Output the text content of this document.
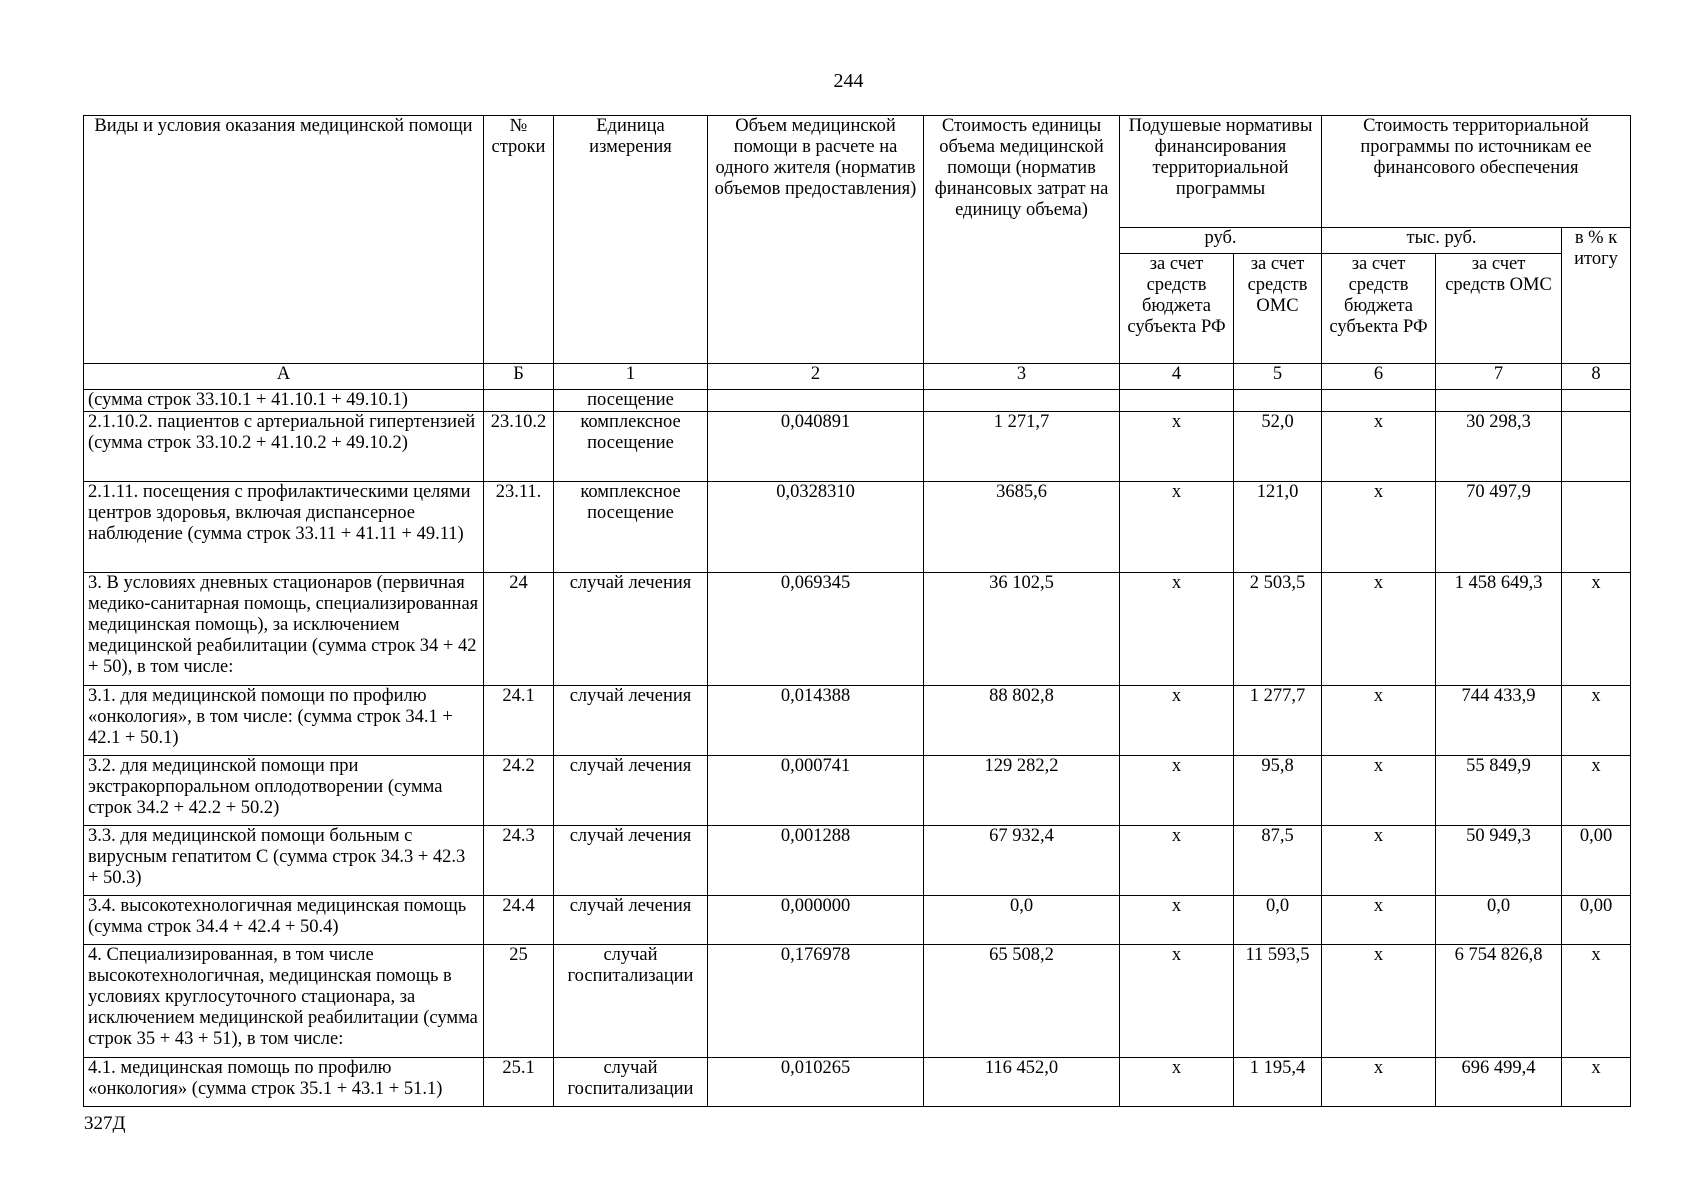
244
Виды и условия оказания медицинской помощи	№ строки	Единица измерения	Объем медицинской помощи в расчете на одного жителя (норматив объемов предоставления)	Стоимость единицы объема медицинской помощи (норматив финансовых затрат на единицу объема)	Подушевые нормативы финансирования территориальной программы		Стоимость территориальной программы по источникам ее финансового обеспечения		
					руб.		тыс. руб.		в % к итогу
					за счет средств бюджета субъекта РФ	за счет средств ОМС	за счет средств бюджета субъекта РФ	за счет средств ОМС	
А	Б	1	2	3	4	5	6	7	8
(сумма строк 33.10.1 + 41.10.1 + 49.10.1)		посещение							
2.1.10.2. пациентов с артериальной гипертензией (сумма строк 33.10.2 + 41.10.2 + 49.10.2)	23.10.2	комплексное посещение	0,040891	1 271,7	х	52,0	х	30 298,3	
2.1.11. посещения с профилактическими целями центров здоровья, включая диспансерное наблюдение (сумма строк 33.11 + 41.11 + 49.11)	23.11.	комплексное посещение	0,0328310	3685,6	х	121,0	х	70 497,9	
3. В условиях дневных стационаров (первичная медико-санитарная помощь, специализированная медицинская помощь), за исключением медицинской реабилитации (сумма строк 34 + 42 + 50), в том числе:	24	случай лечения	0,069345	36 102,5	х	2 503,5	х	1 458 649,3	х
3.1. для медицинской помощи по профилю «онкология», в том числе: (сумма строк 34.1 + 42.1 + 50.1)	24.1	случай лечения	0,014388	88 802,8	х	1 277,7	х	744 433,9	х
3.2. для медицинской помощи при экстракорпоральном оплодотворении (сумма строк 34.2 + 42.2 + 50.2)	24.2	случай лечения	0,000741	129 282,2	х	95,8	х	55 849,9	х
3.3. для медицинской помощи больным с вирусным гепатитом С (сумма строк 34.3 + 42.3 + 50.3)	24.3	случай лечения	0,001288	67 932,4	х	87,5	х	50 949,3	0,00
3.4. высокотехнологичная медицинская помощь (сумма строк 34.4 + 42.4 + 50.4)	24.4	случай лечения	0,000000	0,0	х	0,0	х	0,0	0,00
4. Специализированная, в том числе высокотехнологичная, медицинская помощь в условиях круглосуточного стационара, за исключением медицинской реабилитации (сумма строк 35 + 43 + 51), в том числе:	25	случай госпитализации	0,176978	65 508,2	х	11 593,5	х	6 754 826,8	х
4.1. медицинская помощь по профилю «онкология» (сумма строк 35.1 + 43.1 + 51.1)	25.1	случай госпитализации	0,010265	116 452,0	х	1 195,4	х	696 499,4	х
327Д
